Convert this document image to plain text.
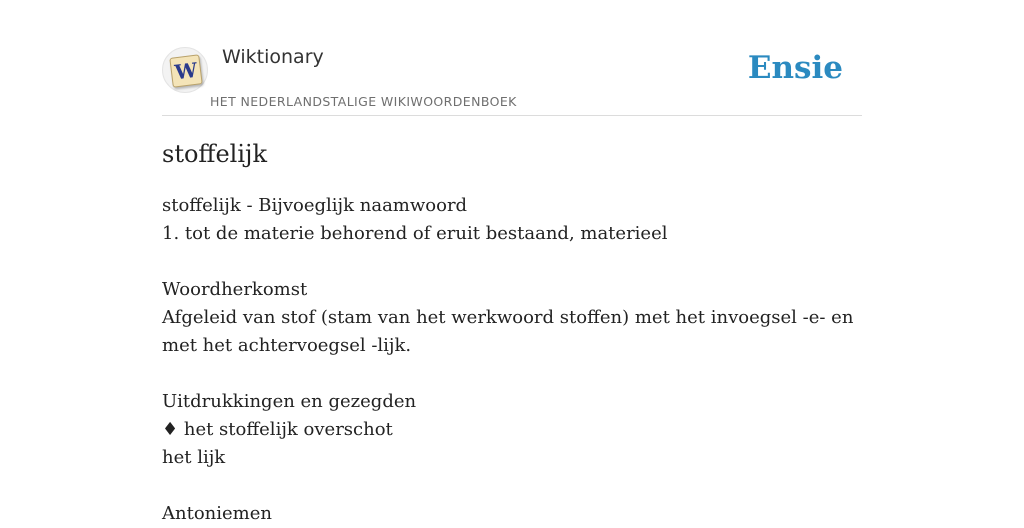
W
Wiktionary
HET NEDERLANDSTALIGE WIKIWOORDENBOEK
Ensie
stoffelijk
stoffelijk - Bijvoeglijk naamwoord
1. tot de materie behorend of eruit bestaand, materieel
Woordherkomst
Afgeleid van stof (stam van het werkwoord stoffen) met het invoegsel -e- en met het achtervoegsel -lijk.
Uitdrukkingen en gezegden
♦ het stoffelijk overschot
het lijk
Antoniemen
